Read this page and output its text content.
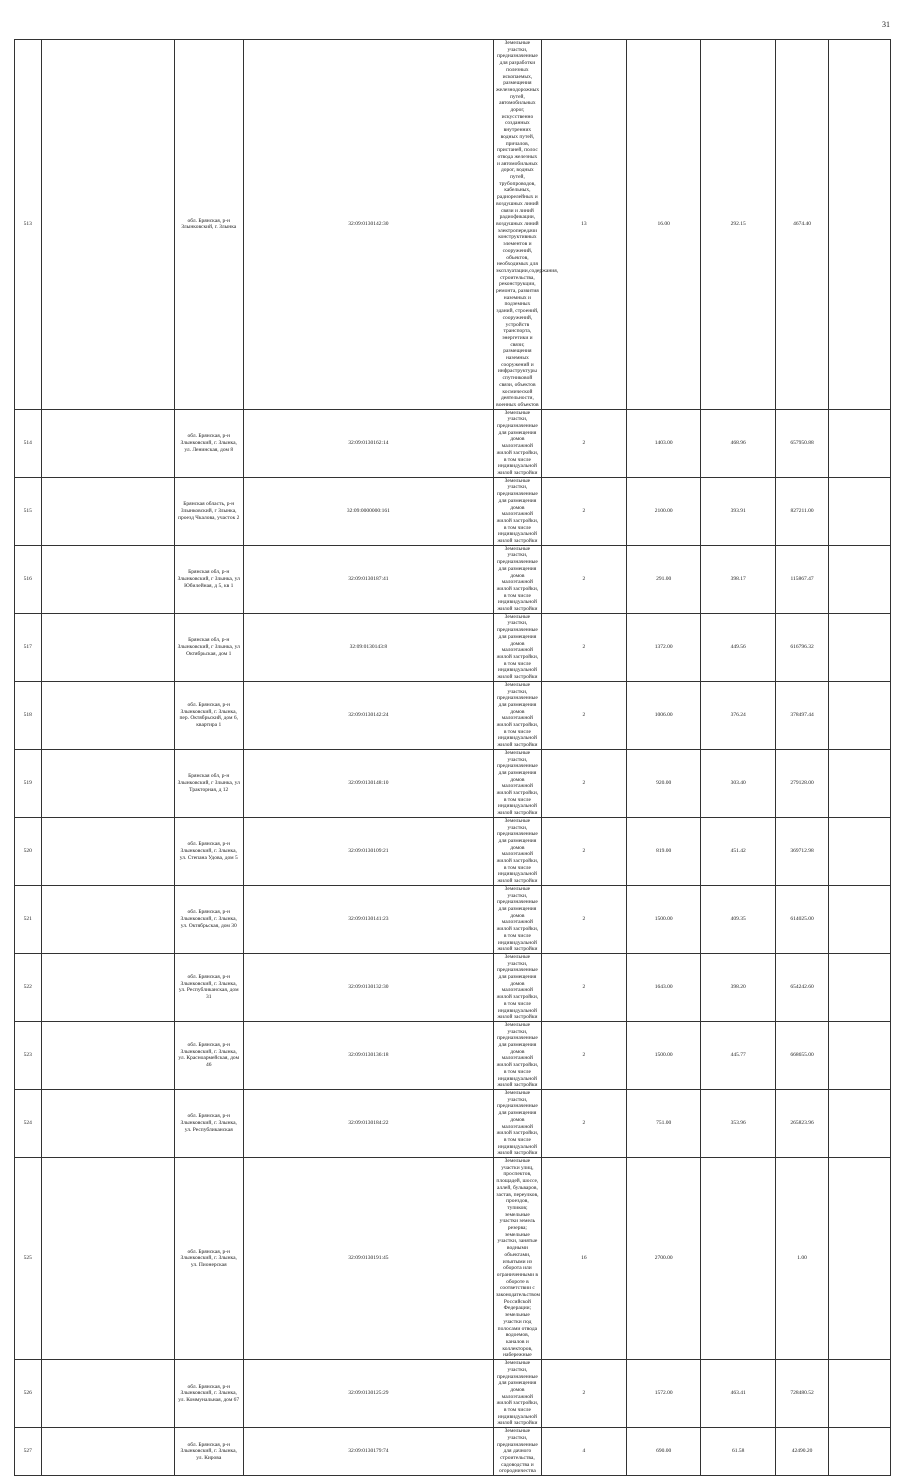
31
513		обл. Брянская, р-н Злынковский, г. Злынка	32:09:0130142:30	Земельные участки, предназначенные для разработки полезных ископаемых, размещения железнодорожных путей, автомобильных дорог, искусственно созданных внутренних водных путей, причалов, пристаней, полос отвода железных и автомобильных дорог, водных путей, трубопроводов, кабельных, радиорелейных и воздушных линий связи и линий радиофикации, воздушных линий электропередачи конструктивных элементов и сооружений, объектов, необходимых для эксплуатации,содержания, строительства, реконструкции, ремонта, развития наземных и подземных зданий, строений, сооружений, устройств транспорта, энергетики и связи; размещения наземных сооружений и инфраструктуры спутниковой связи, объектов космической деятельности, военных объектов	13	16.00	292.15	4674.40	
514		обл. Брянская, р-н Злынковский, г. Злынка, ул. Ленинская, дом 8	32:09:0130162:14	Земельные участки, предназначенные для размещения домов малоэтажной жилой застройки, в том числе индивидуальной жилой застройки	2	1403.00	468.96	657950.88	
515		Брянская область, р-н Злынковский, г Злынка, проезд Чкалова, участок 2	32:09:0000000:161	Земельные участки, предназначенные для размещения домов малоэтажной жилой застройки, в том числе индивидуальной жилой застройки	2	2100.00	393.91	827211.00	
516		Брянская обл, р-н Злынковский, г Злынка, ул Юбилейная, д 5, кв 1	32:09:0130187:41	Земельные участки, предназначенные для размещения домов малоэтажной жилой застройки, в том числе индивидуальной жилой застройки	2	291.00	398.17	115867.47	
517		Брянская обл, р-н Злынковский, г Злынка, ул Октябрьская, дом 1	32:09:0130143:8	Земельные участки, предназначенные для размещения домов малоэтажной жилой застройки, в том числе индивидуальной жилой застройки	2	1372.00	449.56	616796.32	
518		обл. Брянская, р-н Злынковский, г. Злынка, пер. Октябрьский, дом 6, квартира 1	32:09:0130142:24	Земельные участки, предназначенные для размещения домов малоэтажной жилой застройки, в том числе индивидуальной жилой застройки	2	1006.00	376.24	378497.44	
519		Брянская обл, р-н Злынковский, г Злынка, ул Тракторная, д 12	32:09:0130148:10	Земельные участки, предназначенные для размещения домов малоэтажной жилой застройки, в том числе индивидуальной жилой застройки	2	920.00	303.40	279128.00	
520		обл. Брянская, р-н Злынковский, г. Злынка, ул. Степана Удова, дом 5	32:09:0130109:21	Земельные участки, предназначенные для размещения домов малоэтажной жилой застройки, в том числе индивидуальной жилой застройки	2	819.00	451.42	369712.98	
521		обл. Брянская, р-н Злынковский, г. Злынка, ул. Октябрьская, дом 30	32:09:0130141:23	Земельные участки, предназначенные для размещения домов малоэтажной жилой застройки, в том числе индивидуальной жилой застройки	2	1500.00	409.35	614025.00	
522		обл. Брянская, р-н Злынковский, г. Злынка, ул. Республиканская, дом 31	32:09:0130132:30	Земельные участки, предназначенные для размещения домов малоэтажной жилой застройки, в том числе индивидуальной жилой застройки	2	1643.00	398.20	654242.60	
523		обл. Брянская, р-н Злынковский, г. Злынка, ул. Красноармейская, дом 46	32:09:0130136:18	Земельные участки, предназначенные для размещения домов малоэтажной жилой застройки, в том числе индивидуальной жилой застройки	2	1500.00	445.77	668655.00	
524		обл. Брянская, р-н Злынковский, г. Злынка, ул. Республиканская	32:09:0130184:22	Земельные участки, предназначенные для размещения домов малоэтажной жилой застройки, в том числе индивидуальной жилой застройки	2	751.00	353.96	265823.96	
525		обл. Брянская, р-н Злынковский, г. Злынка, ул. Пионерская	32:09:0130191:45	Земельные участки улиц, проспектов, площадей, шоссе, аллей, бульваров, застав, переулков, проездов, тупиков; земельные участки земель резерва; земельные участки, занятые водными объектами, изъятыми из оборота или ограниченными в обороте в соответствии с законодательством Российской Федерации; земельные участки под полосами отвода водоемов, каналов и коллекторов, набережные	16	2700.00		1.00	
526		обл. Брянская, р-н Злынковский, г. Злынка, ул. Коммунальная, дом 67	32:09:0130125:29	Земельные участки, предназначенные для размещения домов малоэтажной жилой застройки, в том числе индивидуальной жилой застройки	2	1572.00	463.41	728480.52	
527		обл. Брянская, р-н Злынковский, г. Злынка, ул. Кирова	32:09:0130179:74	Земельные участки, предназначенные для дачного строительства, садоводства и огородничества	4	690.00	61.58	42490.20	
